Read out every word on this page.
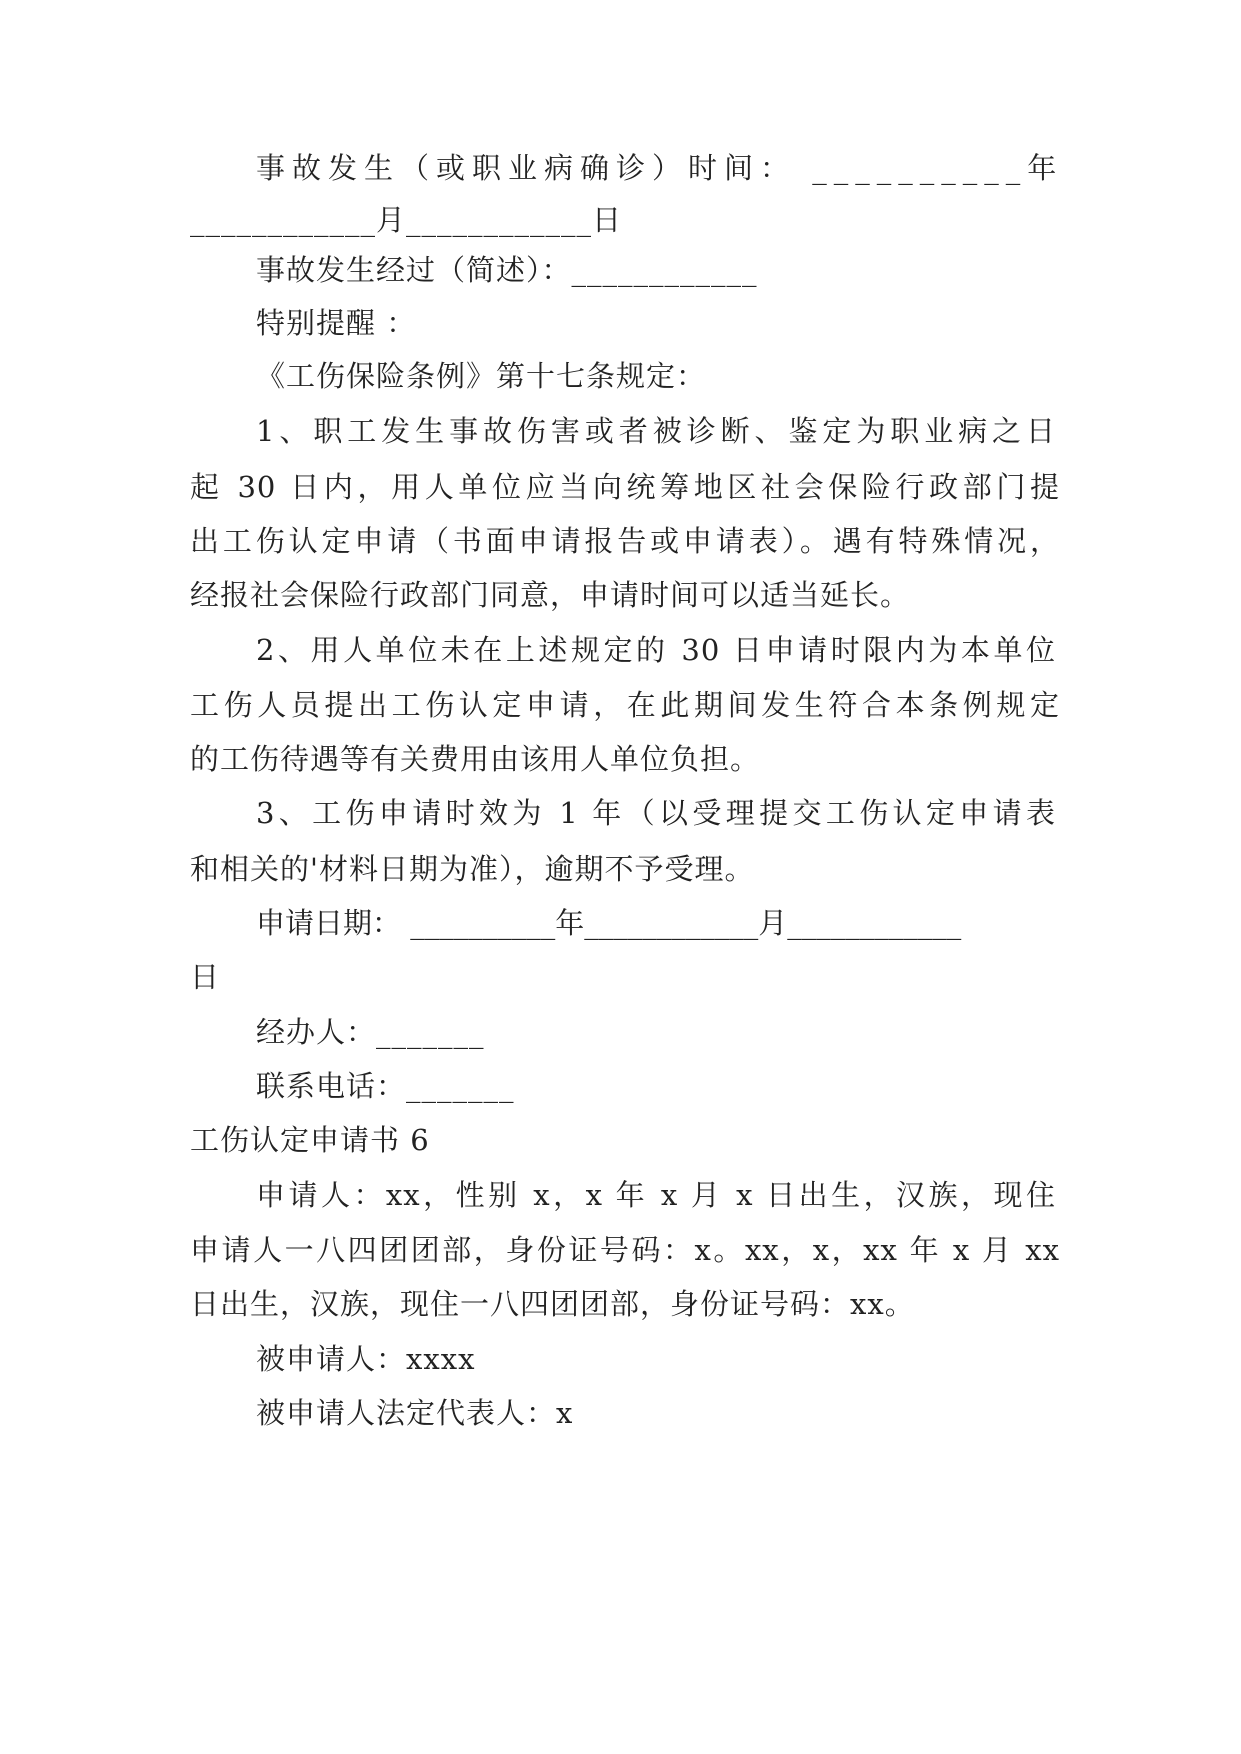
事故发生（或职业病确诊）时间： __________年
____________月____________日
事故发生经过（简述）：____________
特别提醒 ：
《工伤保险条例》第十七条规定：
1、职工发生事故伤害或者被诊断、鉴定为职业病之日
起 30 日内，用人单位应当向统筹地区社会保险行政部门提
出工伤认定申请（书面申请报告或申请表）。遇有特殊情况，
经报社会保险行政部门同意，申请时间可以适当延长。
2、用人单位未在上述规定的 30 日申请时限内为本单位
工伤人员提出工伤认定申请，在此期间发生符合本条例规定
的工伤待遇等有关费用由该用人单位负担。
3、工伤申请时效为 1 年（以受理提交工伤认定申请表
和相关的'材料日期为准），逾期不予受理。
申请日期： __________年____________月____________
日
经办人：_______
联系电话：_______
工伤认定申请书 6
申请人：xx，性别 x，x 年 x 月 x 日出生，汉族，现住
申请人一八四团团部，身份证号码：x。xx，x，xx 年 x 月 xx
日出生，汉族，现住一八四团团部，身份证号码：xx。
被申请人：xxxx
被申请人法定代表人：x
